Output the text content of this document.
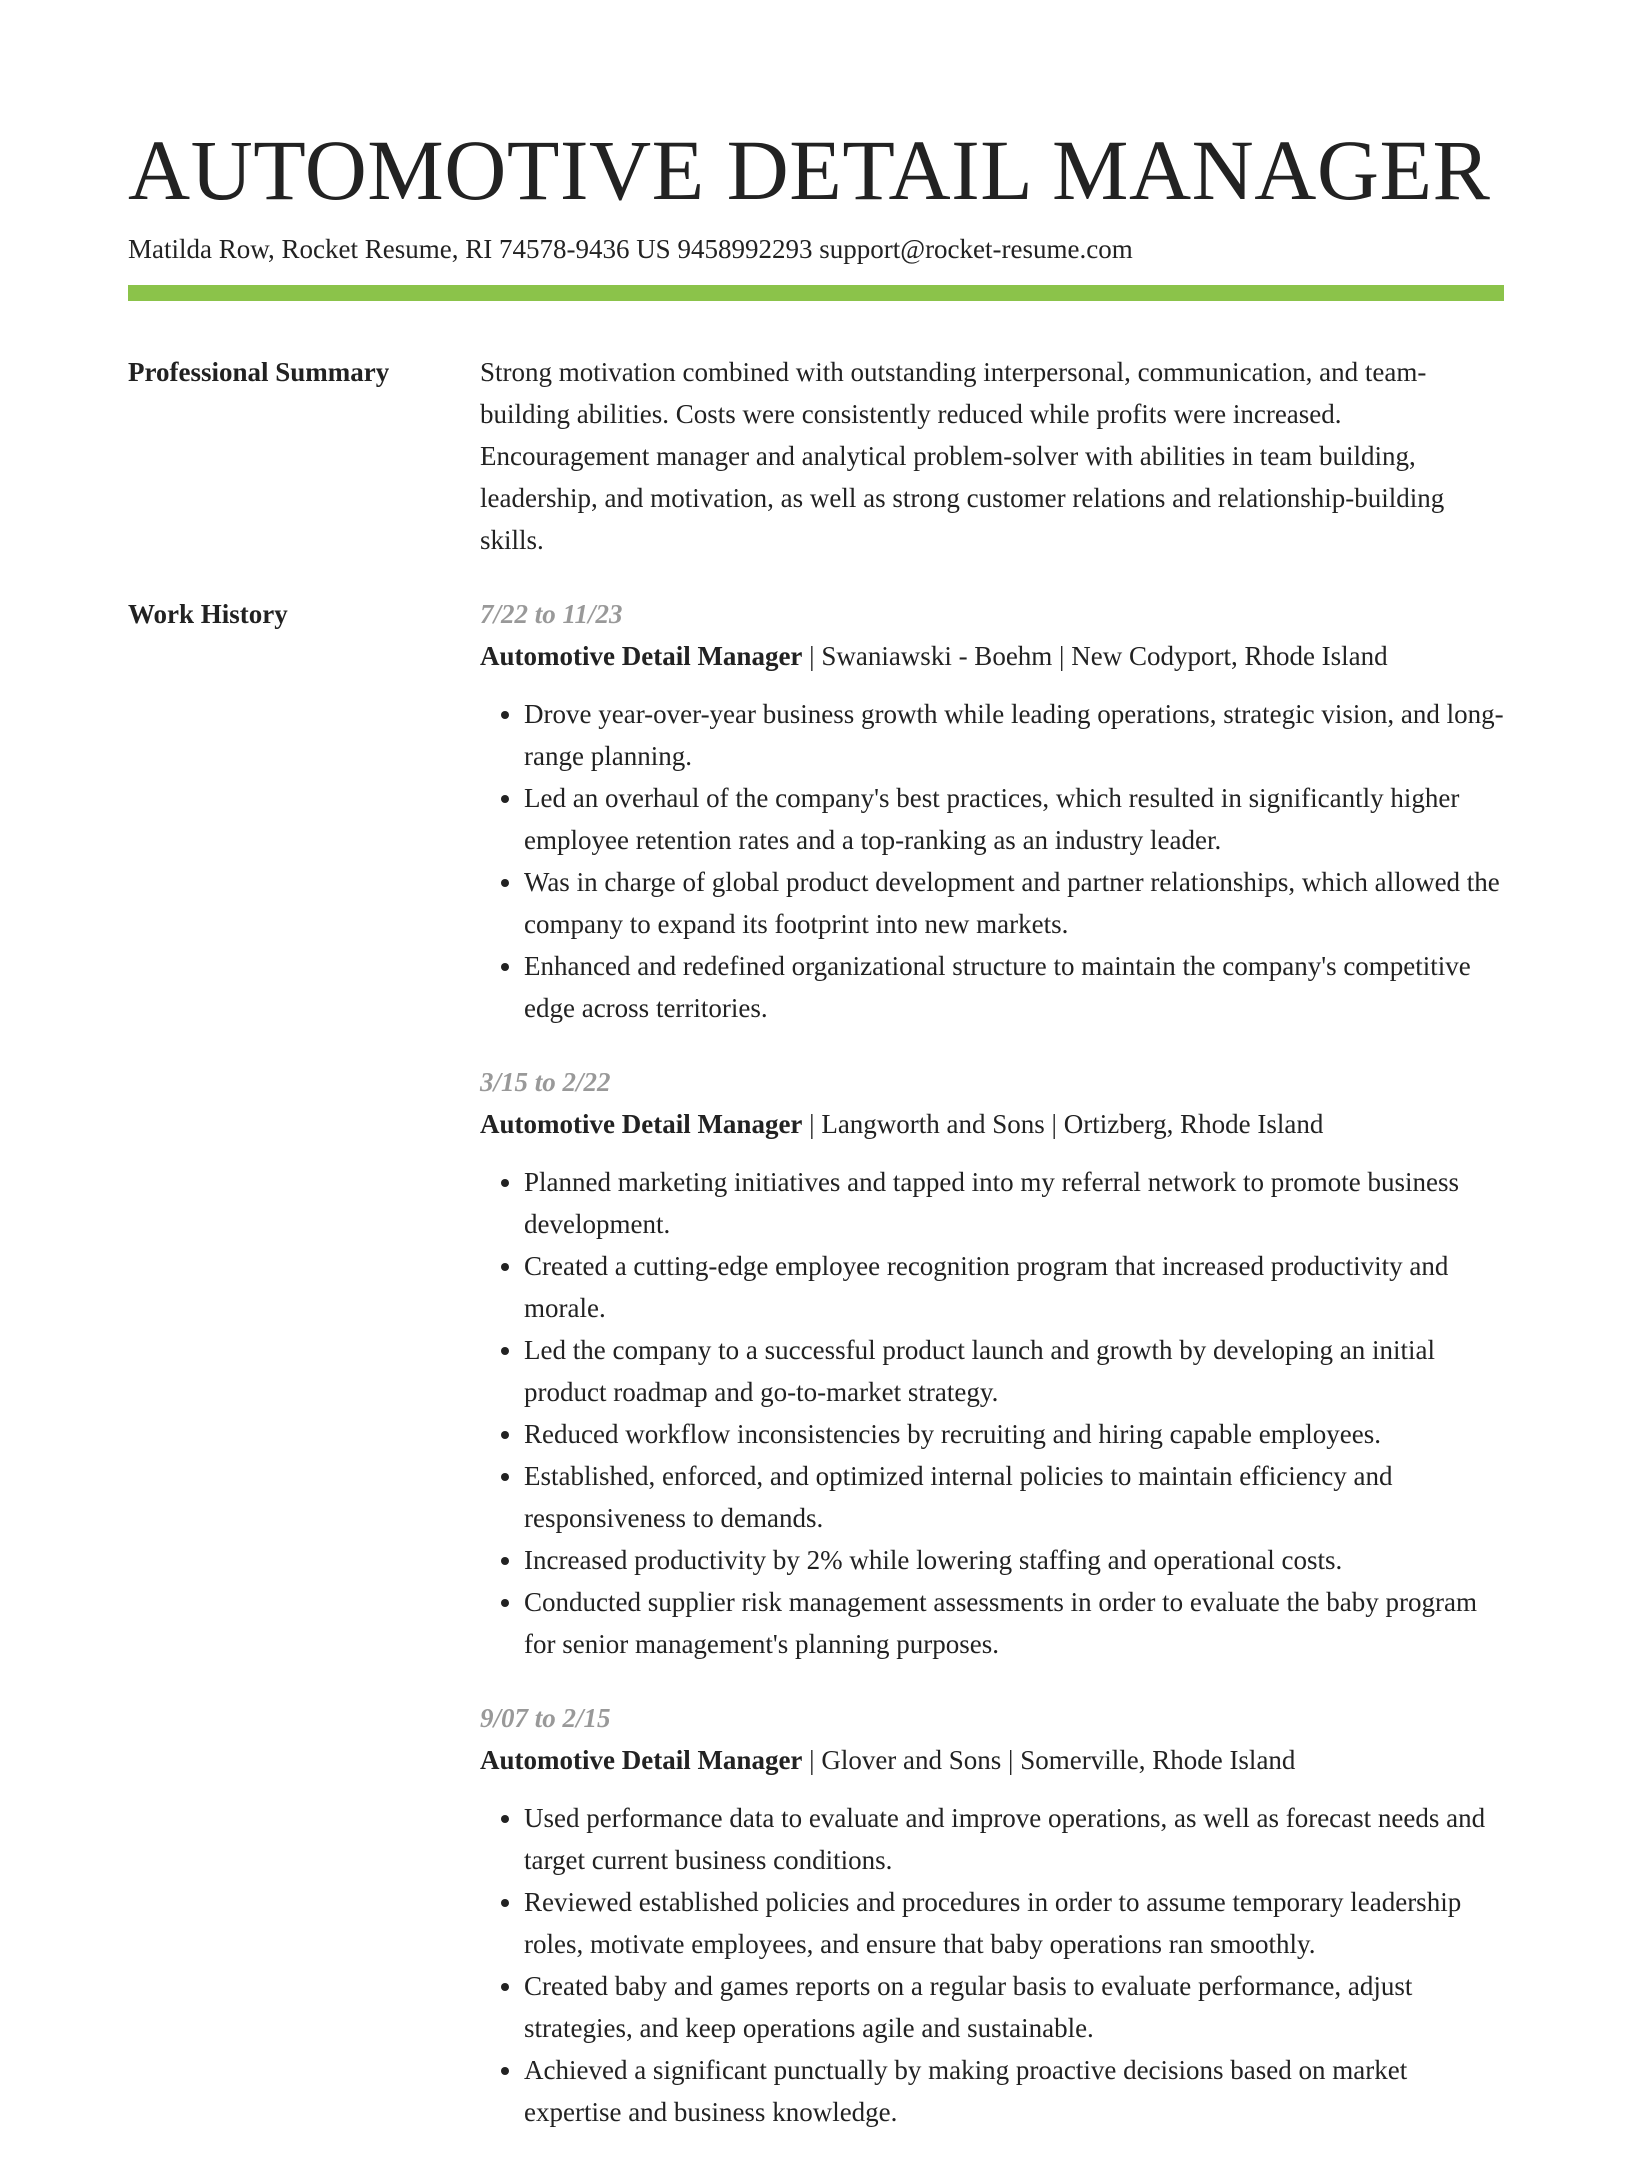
AUTOMOTIVE DETAIL MANAGER
Matilda Row, Rocket Resume, RI 74578-9436 US 9458992293 support@rocket-resume.com
Professional Summary	Strong motivation combined with outstanding interpersonal, communication, and team-building abilities. Costs were consistently reduced while profits were increased. Encouragement manager and analytical problem-solver with abilities in team building, leadership, and motivation, as well as strong customer relations and relationship-building skills.
Work History	7/22 to 11/23
Automotive Detail Manager | Swaniawski - Boehm | New Codyport, Rhode Island
• Drove year-over-year business growth while leading operations, strategic vision, and long-range planning.
• Led an overhaul of the company's best practices, which resulted in significantly higher employee retention rates and a top-ranking as an industry leader.
• Was in charge of global product development and partner relationships, which allowed the company to expand its footprint into new markets.
• Enhanced and redefined organizational structure to maintain the company's competitive edge across territories.
3/15 to 2/22
Automotive Detail Manager | Langworth and Sons | Ortizberg, Rhode Island
• Planned marketing initiatives and tapped into my referral network to promote business development.
• Created a cutting-edge employee recognition program that increased productivity and morale.
• Led the company to a successful product launch and growth by developing an initial product roadmap and go-to-market strategy.
• Reduced workflow inconsistencies by recruiting and hiring capable employees.
• Established, enforced, and optimized internal policies to maintain efficiency and responsiveness to demands.
• Increased productivity by 2% while lowering staffing and operational costs.
• Conducted supplier risk management assessments in order to evaluate the baby program for senior management's planning purposes.
9/07 to 2/15
Automotive Detail Manager | Glover and Sons | Somerville, Rhode Island
• Used performance data to evaluate and improve operations, as well as forecast needs and target current business conditions.
• Reviewed established policies and procedures in order to assume temporary leadership roles, motivate employees, and ensure that baby operations ran smoothly.
• Created baby and games reports on a regular basis to evaluate performance, adjust strategies, and keep operations agile and sustainable.
• Achieved a significant punctually by making proactive decisions based on market expertise and business knowledge.
